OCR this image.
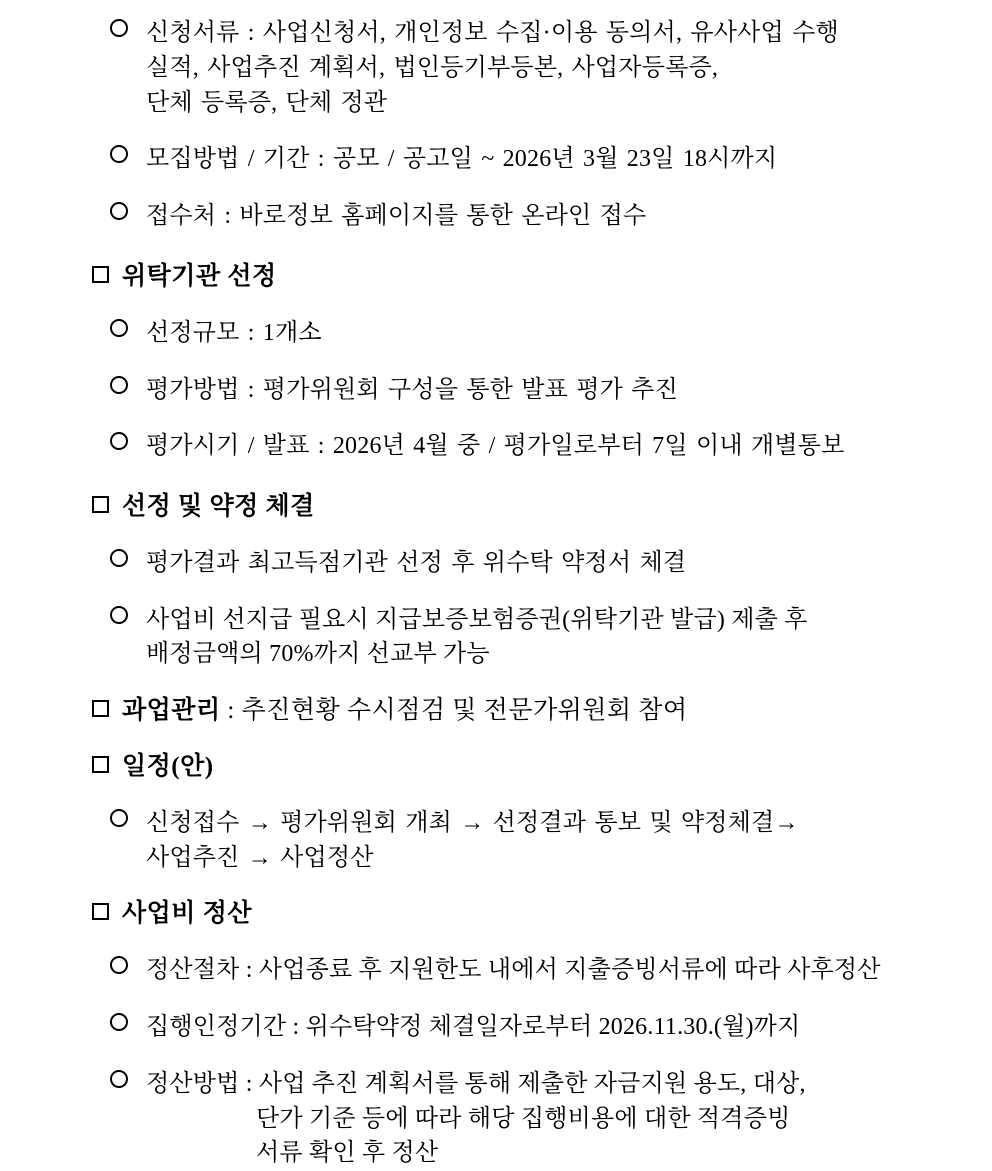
신청서류 : 사업신청서, 개인정보 수집·이용 동의서, 유사사업 수행
실적, 사업추진 계획서, 법인등기부등본, 사업자등록증,
단체 등록증, 단체 정관
모집방법 / 기간 : 공모 / 공고일 ~ 2026년 3월 23일 18시까지
접수처 : 바로정보 홈페이지를 통한 온라인 접수
위탁기관 선정
선정규모 : 1개소
평가방법 : 평가위원회 구성을 통한 발표 평가 추진
평가시기 / 발표 : 2026년 4월 중 / 평가일로부터 7일 이내 개별통보
선정 및 약정 체결
평가결과 최고득점기관 선정 후 위수탁 약정서 체결
사업비 선지급 필요시 지급보증보험증권(위탁기관 발급) 제출 후
배정금액의 70%까지 선교부 가능
과업관리 : 추진현황 수시점검 및 전문가위원회 참여
일정(안)
신청접수 → 평가위원회 개최 → 선정결과 통보 및 약정체결→
사업추진 → 사업정산
사업비 정산
정산절차 : 사업종료 후 지원한도 내에서 지출증빙서류에 따라 사후정산
집행인정기간 : 위수탁약정 체결일자로부터 2026.11.30.(월)까지
정산방법 : 사업 추진 계획서를 통해 제출한 자금지원 용도, 대상,
단가 기준 등에 따라 해당 집행비용에 대한 적격증빙
서류 확인 후 정산
